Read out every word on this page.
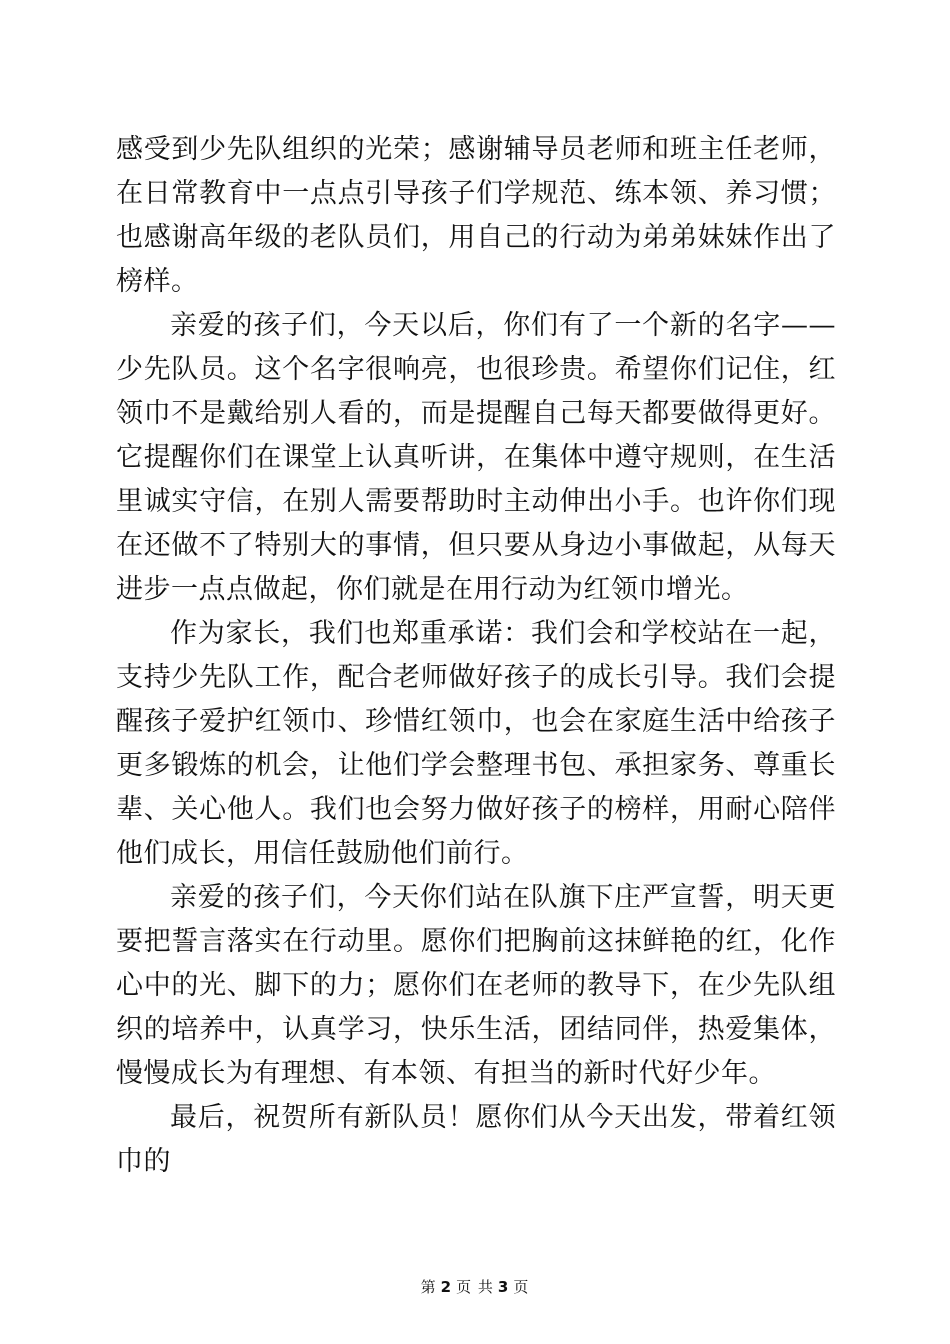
感受到少先队组织的光荣；感谢辅导员老师和班主任老师，在日常教育中一点点引导孩子们学规范、练本领、养习惯；也感谢高年级的老队员们，用自己的行动为弟弟妹妹作出了榜样。

亲爱的孩子们，今天以后，你们有了一个新的名字——少先队员。这个名字很响亮，也很珍贵。希望你们记住，红领巾不是戴给别人看的，而是提醒自己每天都要做得更好。它提醒你们在课堂上认真听讲，在集体中遵守规则，在生活里诚实守信，在别人需要帮助时主动伸出小手。也许你们现在还做不了特别大的事情，但只要从身边小事做起，从每天进步一点点做起，你们就是在用行动为红领巾增光。

作为家长，我们也郑重承诺：我们会和学校站在一起，支持少先队工作，配合老师做好孩子的成长引导。我们会提醒孩子爱护红领巾、珍惜红领巾，也会在家庭生活中给孩子更多锻炼的机会，让他们学会整理书包、承担家务、尊重长辈、关心他人。我们也会努力做好孩子的榜样，用耐心陪伴他们成长，用信任鼓励他们前行。

亲爱的孩子们，今天你们站在队旗下庄严宣誓，明天更要把誓言落实在行动里。愿你们把胸前这抹鲜艳的红，化作心中的光、脚下的力；愿你们在老师的教导下，在少先队组织的培养中，认真学习，快乐生活，团结同伴，热爱集体，慢慢成长为有理想、有本领、有担当的新时代好少年。

最后，祝贺所有新队员！愿你们从今天出发，带着红领巾的

第 2 页 共 3 页
